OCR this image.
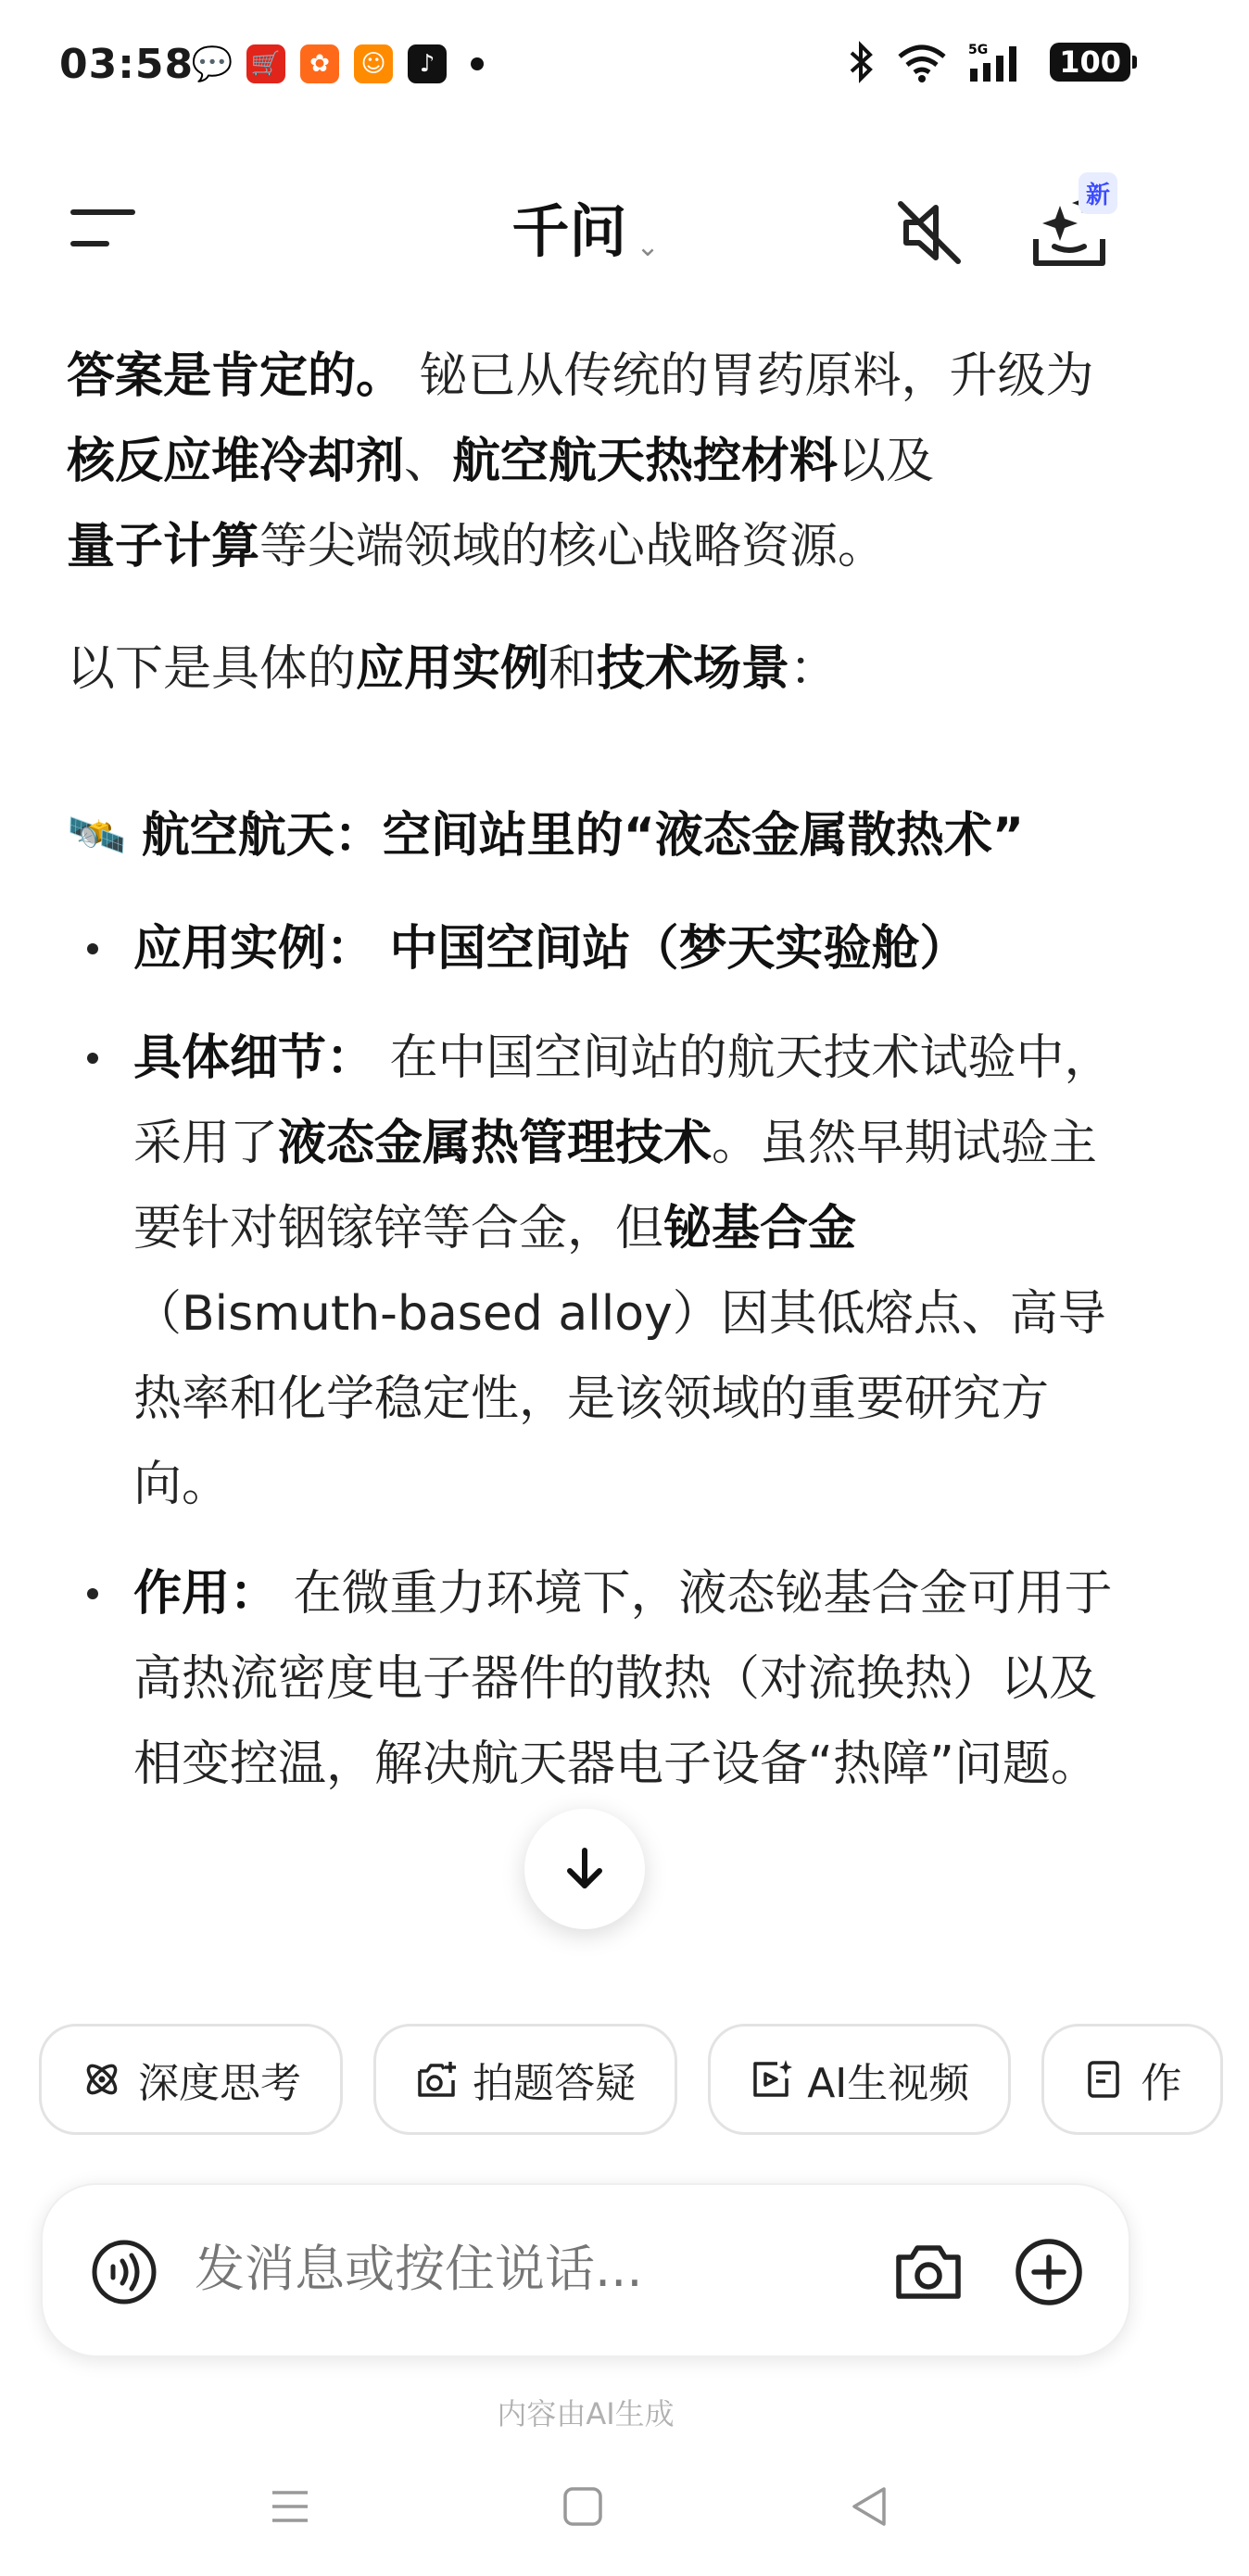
03:58
💬 🛒	✿	☺	♪	5G	100
千问 ⌄
新

答案是肯定的。 铋已从传统的胃药原料，升级为核反应堆冷却剂、航空航天热控材料以及
量子计算等尖端领域的核心战略资源。

以下是具体的应用实例和技术场景：

🛰️ 航空航天：空间站里的“液态金属散热术”

应用实例： 中国空间站（梦天实验舱）
具体细节： 在中国空间站的航天技术试验中，采用了液态金属热管理技术。虽然早期试验主要针对铟镓锌等合金，但铋基合金（Bismuth-based alloy）因其低熔点、高导热率和化学稳定性，是该领域的重要研究方向。
作用： 在微重力环境下，液态铋基合金可用于高热流密度电子器件的散热（对流换热）以及相变控温，解决航天器电子设备“热障”问题。
深度思考
	拍题答疑
	AI生视频
	作
发消息或按住说话...
内容由AI生成
